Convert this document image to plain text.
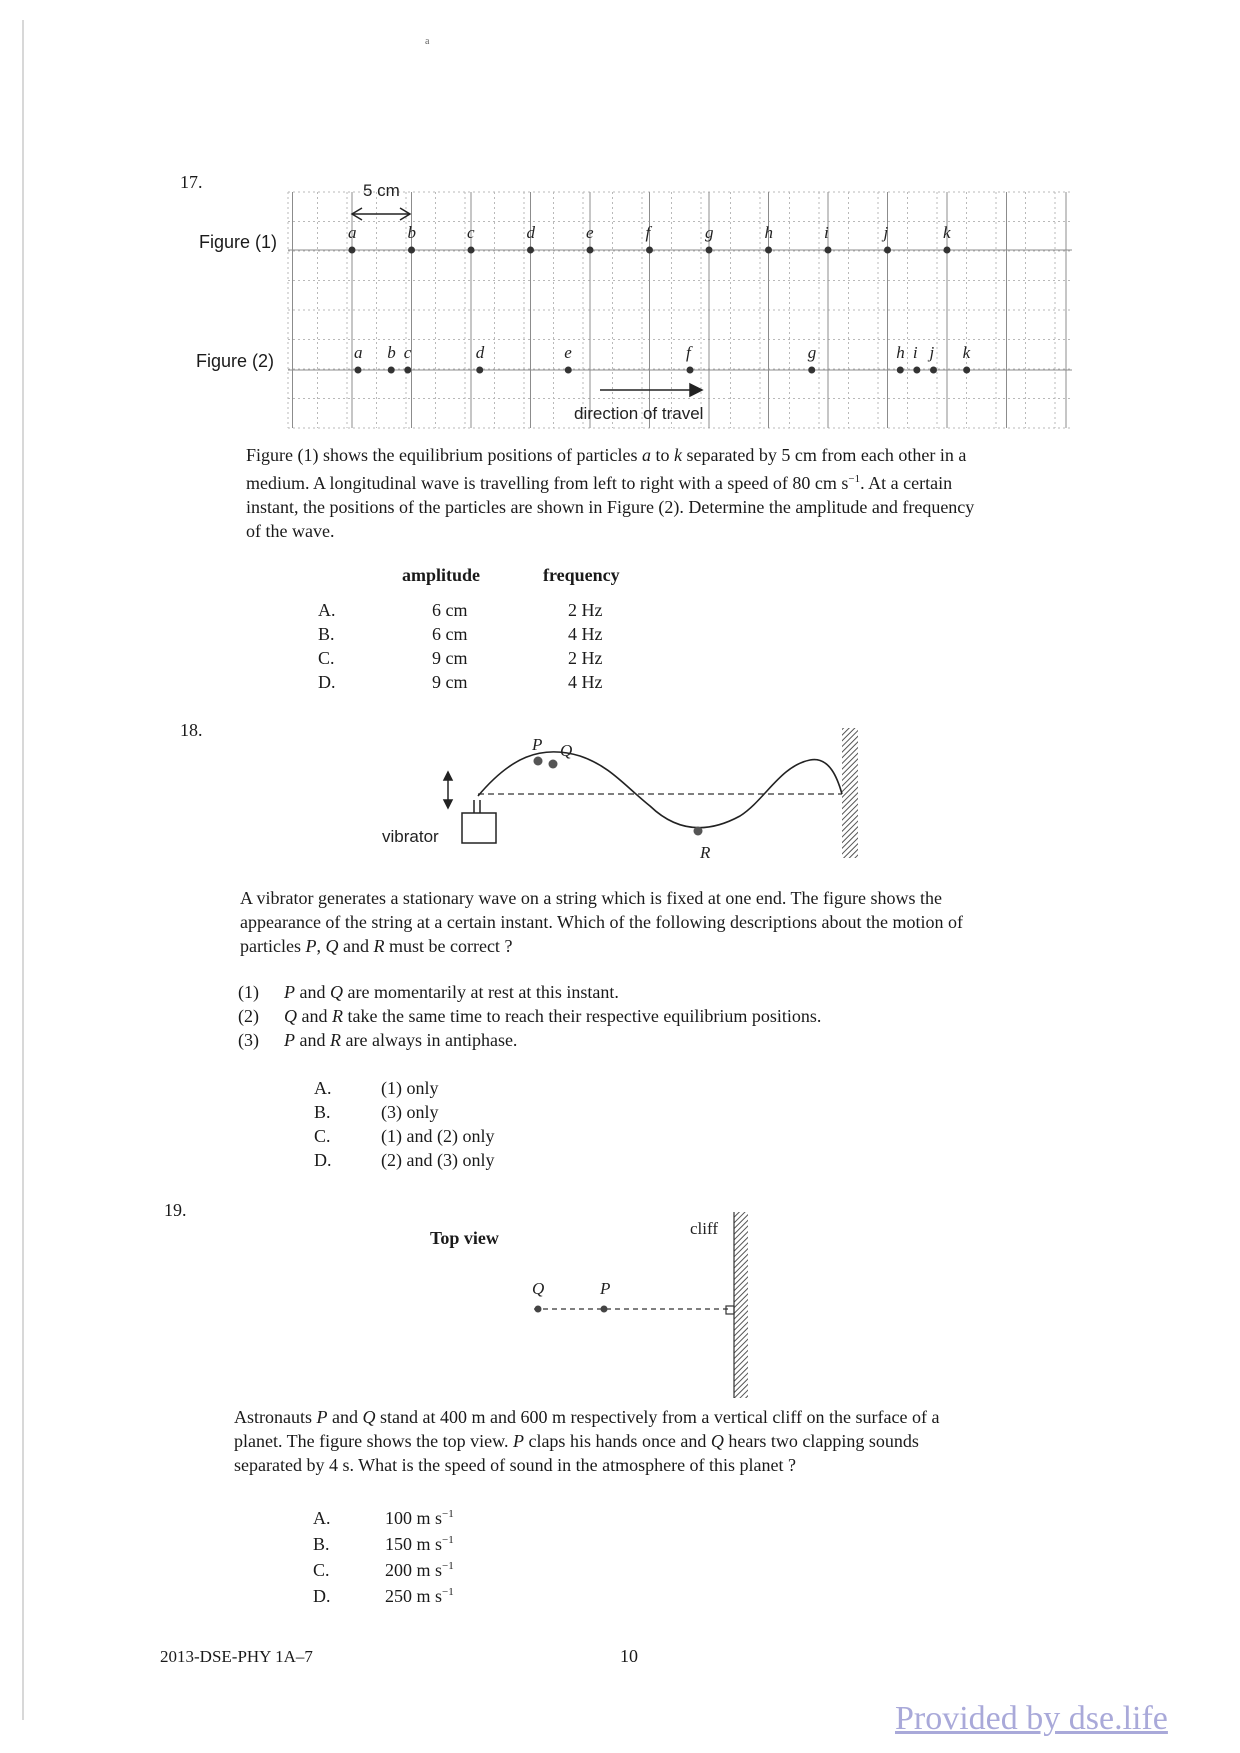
a
17.
Figure (1)
Figure (2)
5 cm
a	b	c	d	e	f	g	h	i	j	k
a b c	d	e	f	g	h i j k
direction of travel
Figure (1) shows the equilibrium positions of particles a to k separated by 5 cm from each other in a
medium. A longitudinal wave is travelling from left to right with a speed of 80 cm $s^{-1}$. At a certain
instant, the positions of the particles are shown in Figure (2). Determine the amplitude and frequency
of the wave.
amplitude	frequency
A.	6 cm	2 Hz
B.	6 cm	4 Hz
C.	9 cm	2 Hz
D.	9 cm	4 Hz
18.
P Q
R
vibrator
A vibrator generates a stationary wave on a string which is fixed at one end. The figure shows the
appearance of the string at a certain instant. Which of the following descriptions about the motion of
particles P, Q and R must be correct ?
(1) P and Q are momentarily at rest at this instant.
(2) Q and R take the same time to reach their respective equilibrium positions.
(3) P and R are always in antiphase.
A.	(1) only
B.	(3) only
C.	(1) and (2) only
D.	(2) and (3) only
19.
Top view
Q	P
cliff
Astronauts P and Q stand at 400 m and 600 m respectively from a vertical cliff on the surface of a
planet. The figure shows the top view. P claps his hands once and Q hears two clapping sounds
separated by 4 s. What is the speed of sound in the atmosphere of this planet ?
A.	100 m $s^{-1}$
B.	150 m $s^{-1}$
C.	200 m $s^{-1}$
D.	250 m $s^{-1}$
2013-DSE-PHY 1A–7	10
Provided by dse.life
